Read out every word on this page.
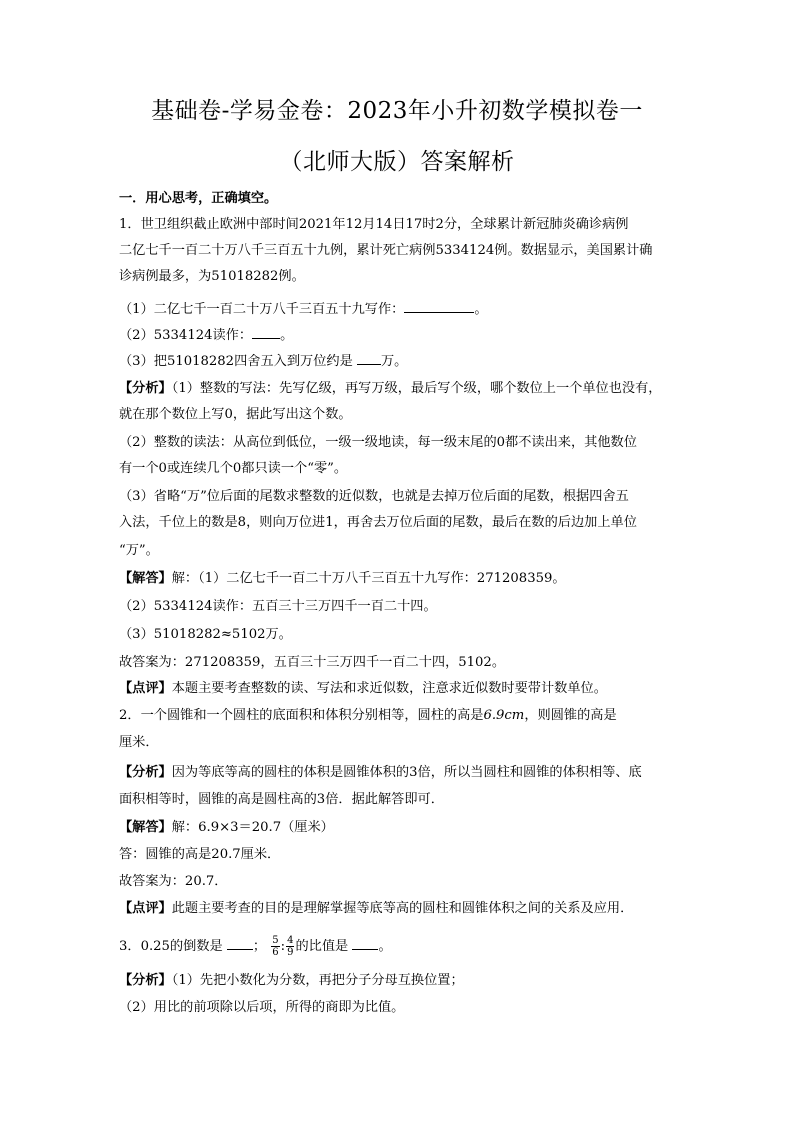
基础卷-学易金卷：2023年小升初数学模拟卷一
（北师大版）答案解析
一．用心思考，正确填空。
1．世卫组织截止欧洲中部时间2021年12月14日17时2分，全球累计新冠肺炎确诊病例
二亿七千一百二十万八千三百五十九例，累计死亡病例5334124例。数据显示，美国累计确
诊病例最多，为51018282例。
（1）二亿七千一百二十万八千三百五十九写作：	。
（2）5334124读作： 。
（3）把51018282四舍五入到万位约是 万。
【分析】（1）整数的写法：先写亿级，再写万级，最后写个级，哪个数位上一个单位也没有，
就在那个数位上写0，据此写出这个数。
（2）整数的读法：从高位到低位，一级一级地读，每一级末尾的0都不读出来，其他数位
有一个0或连续几个0都只读一个“零”。
（3）省略“万”位后面的尾数求整数的近似数，也就是去掉万位后面的尾数，根据四舍五
入法，千位上的数是8，则向万位进1，再舍去万位后面的尾数，最后在数的后边加上单位
“万”。
【解答】解：（1）二亿七千一百二十万八千三百五十九写作：271208359。
（2）5334124读作：五百三十三万四千一百二十四。
（3）51018282≈5102万。
故答案为：271208359，五百三十三万四千一百二十四，5102。
【点评】本题主要考查整数的读、写法和求近似数，注意求近似数时要带计数单位。
2．一个圆锥和一个圆柱的底面积和体积分别相等，圆柱的高是6.9cm，则圆锥的高是
厘米．
【分析】因为等底等高的圆柱的体积是圆锥体积的3倍，所以当圆柱和圆锥的体积相等、底
面积相等时，圆锥的高是圆柱高的3倍．据此解答即可．
【解答】解：6.9×3＝20.7（厘米）
答：圆锥的高是20.7厘米．
故答案为：20.7．
【点评】此题主要考查的目的是理解掌握等底等高的圆柱和圆锥体积之间的关系及应用．
3．0.25的倒数是 ； $\frac{5}{6}$ : $\frac{4}{9}$ 的比值是 。
【分析】（1）先把小数化为分数，再把分子分母互换位置；
（2）用比的前项除以后项，所得的商即为比值。
